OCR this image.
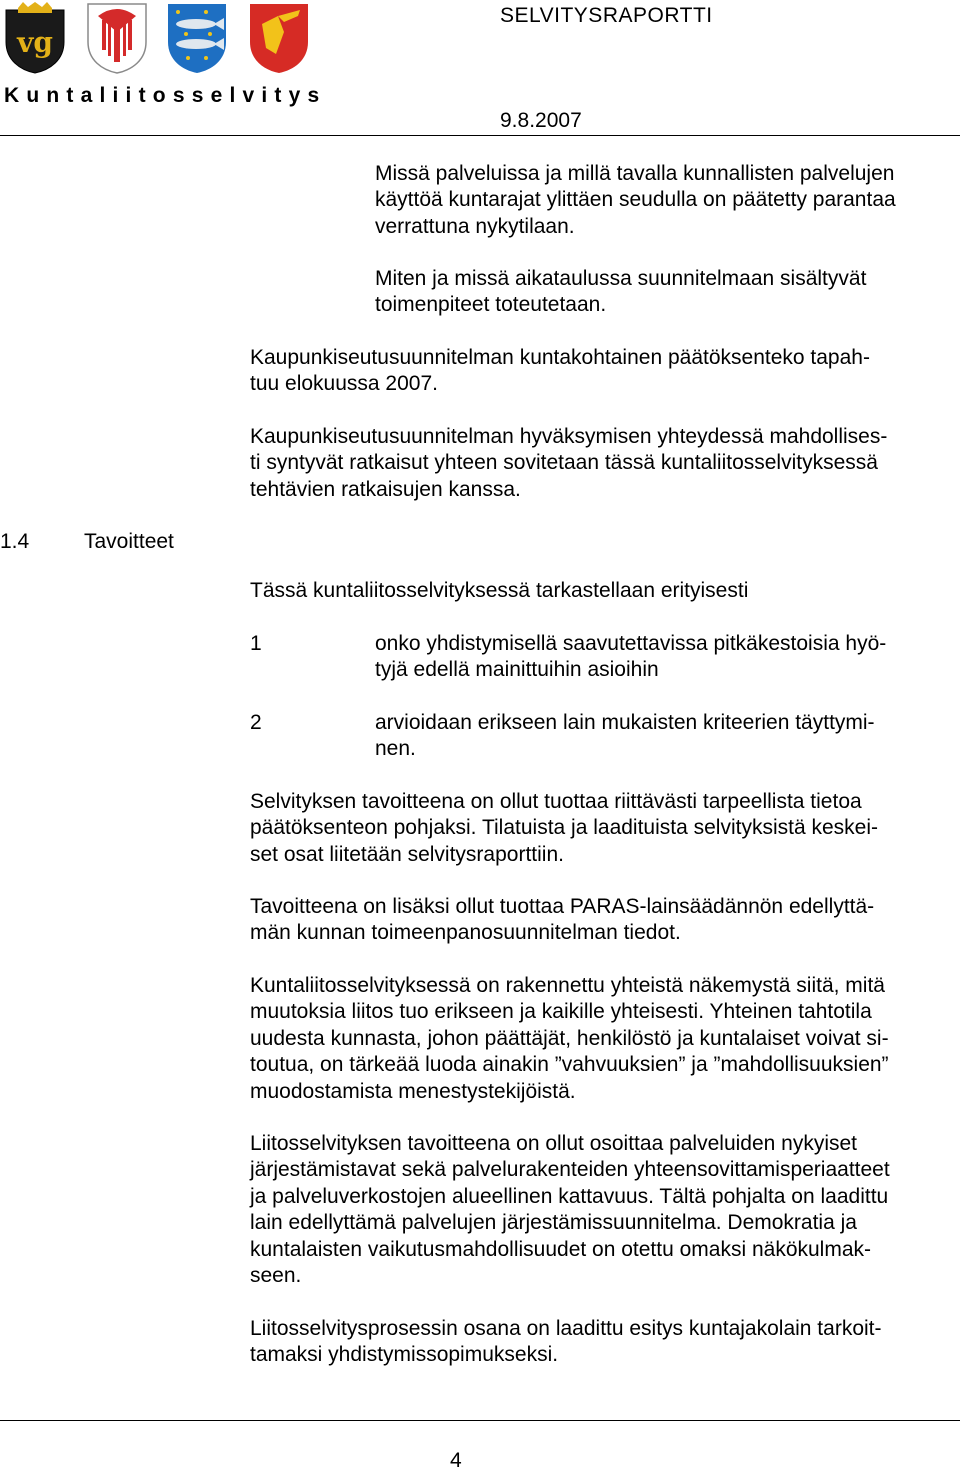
vg
Kuntaliitosselvitys
SELVITYSRAPORTTI
9.8.2007
Missä palveluissa ja millä tavalla kunnallisten palvelujen
käyttöä kuntarajat ylittäen seudulla on päätetty parantaa
verrattuna nykytilaan.
Miten ja missä aikataulussa suunnitelmaan sisältyvät
toimenpiteet toteutetaan.
Kaupunkiseutusuunnitelman kuntakohtainen päätöksenteko tapah-
tuu elokuussa 2007.
Kaupunkiseutusuunnitelman hyväksymisen yhteydessä mahdollises-
ti syntyvät ratkaisut yhteen sovitetaan tässä kuntaliitosselvityksessä
tehtävien ratkaisujen kanssa.
1.4	Tavoitteet
Tässä kuntaliitosselvityksessä tarkastellaan erityisesti
1	onko yhdistymisellä saavutettavissa pitkäkestoisia hyö-
tyjä edellä mainittuihin asioihin
2	arvioidaan erikseen lain mukaisten kriteerien täyttymi-
nen.
Selvityksen tavoitteena on ollut tuottaa riittävästi tarpeellista tietoa
päätöksenteon pohjaksi. Tilatuista ja laadituista selvityksistä keskei-
set osat liitetään selvitysraporttiin.
Tavoitteena on lisäksi ollut tuottaa PARAS-lainsäädännön edellyttä-
män kunnan toimeenpanosuunnitelman tiedot.
Kuntaliitosselvityksessä on rakennettu yhteistä näkemystä siitä, mitä
muutoksia liitos tuo erikseen ja kaikille yhteisesti. Yhteinen tahtotila
uudesta kunnasta, johon päättäjät, henkilöstö ja kuntalaiset voivat si-
toutua, on tärkeää luoda ainakin ”vahvuuksien” ja ”mahdollisuuksien”
muodostamista menestystekijöistä.
Liitosselvityksen tavoitteena on ollut osoittaa palveluiden nykyiset
järjestämistavat sekä palvelurakenteiden yhteensovittamisperiaatteet
ja palveluverkostojen alueellinen kattavuus. Tältä pohjalta on laadittu
lain edellyttämä palvelujen järjestämissuunnitelma. Demokratia ja
kuntalaisten vaikutusmahdollisuudet on otettu omaksi näkökulmak-
seen.
Liitosselvitysprosessin osana on laadittu esitys kuntajakolain tarkoit-
tamaksi yhdistymissopimukseksi.
4
